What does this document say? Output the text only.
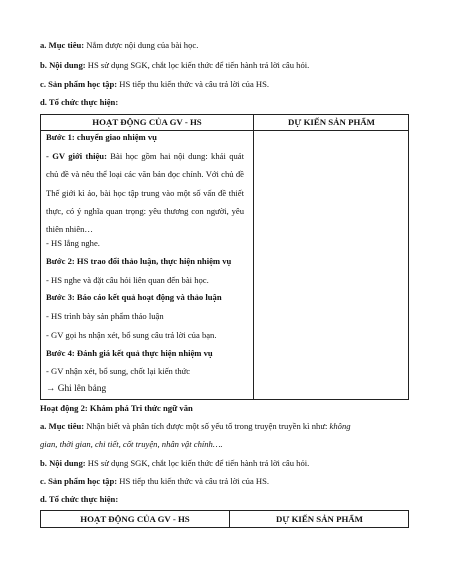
a. Mục tiêu: Nắm được nội dung của bài học.
b. Nội dung: HS sử dụng SGK, chắt lọc kiến thức để tiến hành trả lời câu hỏi.
c. Sản phẩm học tập: HS tiếp thu kiến thức và câu trả lời của HS.
d. Tổ chức thực hiện:
HOẠT ĐỘNG CỦA GV - HS	DỰ KIẾN SẢN PHẨM
Bước 1: chuyển giao nhiệm vụ
- GV giới thiệu: Bài học gồm hai nội dung: khái quát chủ đề và nêu thể loại các văn bản đọc chính. Với chủ đề Thế giới kì ảo, bài học tập trung vào một số vấn đề thiết thực, có ý nghĩa quan trọng: yêu thương con người, yêu thiên nhiên…
- HS lắng nghe.
Bước 2: HS trao đổi thảo luận, thực hiện nhiệm vụ
- HS nghe và đặt câu hỏi liên quan đến bài học.
Bước 3: Báo cáo kết quả hoạt động và thảo luận
- HS trình bày sản phẩm thảo luận
- GV gọi hs nhận xét, bổ sung câu trả lời của bạn.
Bước 4: Đánh giá kết quả thực hiện nhiệm vụ
- GV nhận xét, bổ sung, chốt lại kiến thức
→ Ghi lên bảng
Hoạt động 2: Khám phá Tri thức ngữ văn
a. Mục tiêu: Nhận biết và phân tích được một số yếu tố trong truyện truyền kì như: không
gian, thời gian, chi tiết, cốt truyện, nhân vật chính….
b. Nội dung: HS sử dụng SGK, chắt lọc kiến thức để tiến hành trả lời câu hỏi.
c. Sản phẩm học tập: HS tiếp thu kiến thức và câu trả lời của HS.
d. Tổ chức thực hiện:
HOẠT ĐỘNG CỦA GV - HS	DỰ KIẾN SẢN PHẨM
